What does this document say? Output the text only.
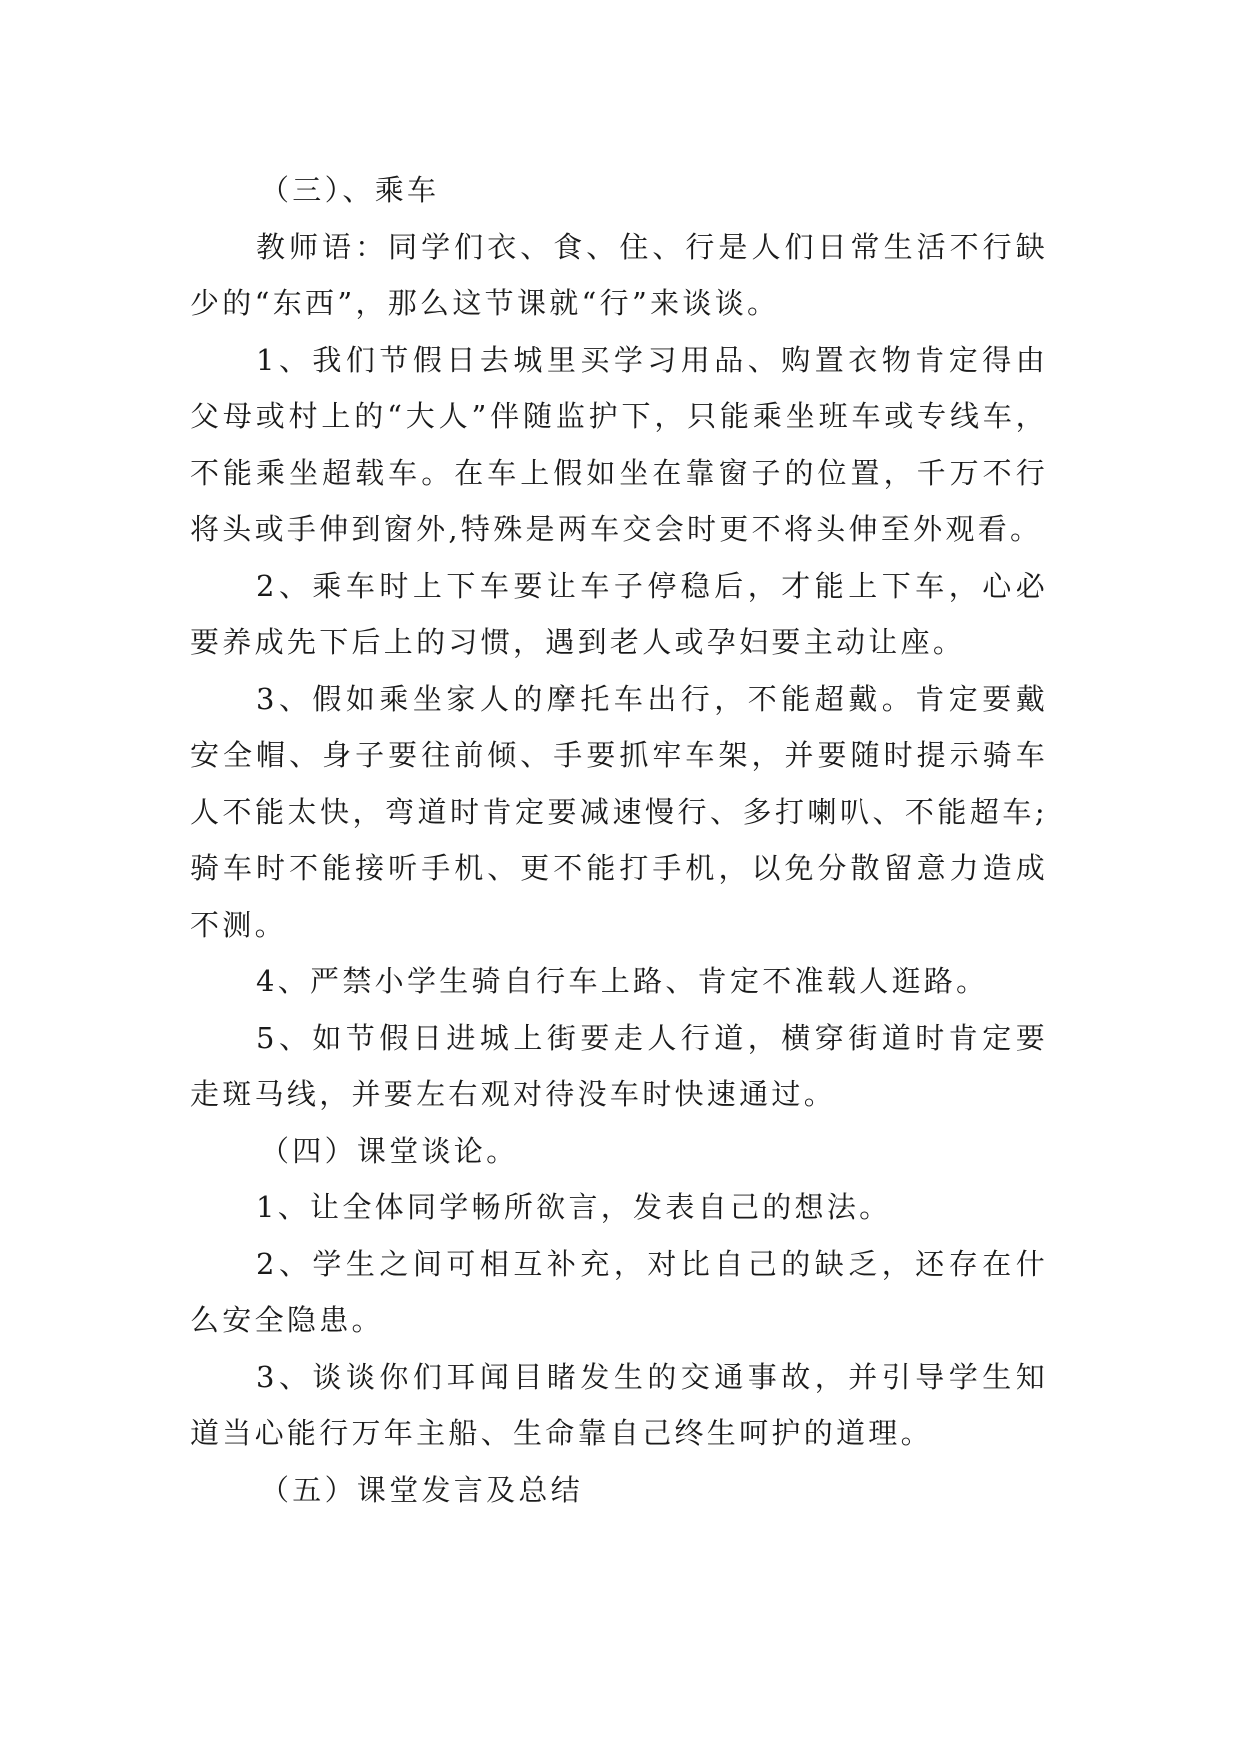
（三）、乘车

教师语：同学们衣、食、住、行是人们日常生活不行缺少的“东西”，那么这节课就“行”来谈谈。

1、我们节假日去城里买学习用品、购置衣物肯定得由父母或村上的“大人”伴随监护下，只能乘坐班车或专线车，不能乘坐超载车。在车上假如坐在靠窗子的位置，千万不行将头或手伸到窗外,特殊是两车交会时更不将头伸至外观看。

2、乘车时上下车要让车子停稳后，才能上下车，心必要养成先下后上的习惯，遇到老人或孕妇要主动让座。

3、假如乘坐家人的摩托车出行，不能超戴。肯定要戴安全帽、身子要往前倾、手要抓牢车架，并要随时提示骑车人不能太快，弯道时肯定要减速慢行、多打喇叭、不能超车;骑车时不能接听手机、更不能打手机，以免分散留意力造成不测。

4、严禁小学生骑自行车上路、肯定不准载人逛路。

5、如节假日进城上街要走人行道，横穿街道时肯定要走斑马线，并要左右观对待没车时快速通过。

（四）课堂谈论。

1、让全体同学畅所欲言，发表自己的想法。

2、学生之间可相互补充，对比自己的缺乏，还存在什么安全隐患。

3、谈谈你们耳闻目睹发生的交通事故，并引导学生知道当心能行万年主船、生命靠自己终生呵护的道理。

（五）课堂发言及总结
